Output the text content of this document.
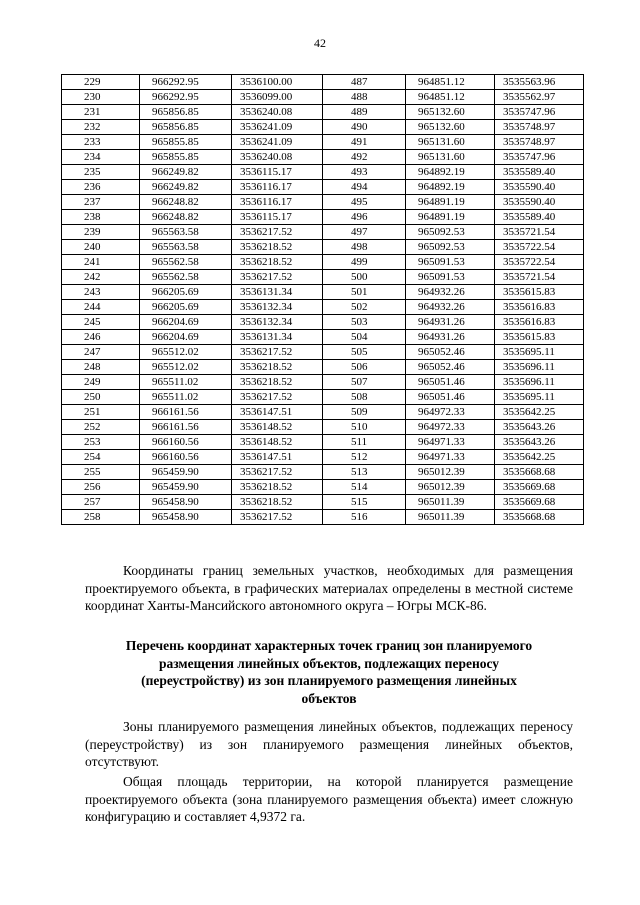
42
229	966292.95	3536100.00	487	964851.12	3535563.96
230	966292.95	3536099.00	488	964851.12	3535562.97
231	965856.85	3536240.08	489	965132.60	3535747.96
232	965856.85	3536241.09	490	965132.60	3535748.97
233	965855.85	3536241.09	491	965131.60	3535748.97
234	965855.85	3536240.08	492	965131.60	3535747.96
235	966249.82	3536115.17	493	964892.19	3535589.40
236	966249.82	3536116.17	494	964892.19	3535590.40
237	966248.82	3536116.17	495	964891.19	3535590.40
238	966248.82	3536115.17	496	964891.19	3535589.40
239	965563.58	3536217.52	497	965092.53	3535721.54
240	965563.58	3536218.52	498	965092.53	3535722.54
241	965562.58	3536218.52	499	965091.53	3535722.54
242	965562.58	3536217.52	500	965091.53	3535721.54
243	966205.69	3536131.34	501	964932.26	3535615.83
244	966205.69	3536132.34	502	964932.26	3535616.83
245	966204.69	3536132.34	503	964931.26	3535616.83
246	966204.69	3536131.34	504	964931.26	3535615.83
247	965512.02	3536217.52	505	965052.46	3535695.11
248	965512.02	3536218.52	506	965052.46	3535696.11
249	965511.02	3536218.52	507	965051.46	3535696.11
250	965511.02	3536217.52	508	965051.46	3535695.11
251	966161.56	3536147.51	509	964972.33	3535642.25
252	966161.56	3536148.52	510	964972.33	3535643.26
253	966160.56	3536148.52	511	964971.33	3535643.26
254	966160.56	3536147.51	512	964971.33	3535642.25
255	965459.90	3536217.52	513	965012.39	3535668.68
256	965459.90	3536218.52	514	965012.39	3535669.68
257	965458.90	3536218.52	515	965011.39	3535669.68
258	965458.90	3536217.52	516	965011.39	3535668.68
Координаты границ земельных участков, необходимых для размещения проектируемого объекта, в графических материалах определены в местной системе координат Ханты-Мансийского автономного округа – Югры МСК-86.
Перечень координат характерных точек границ зон планируемого размещения линейных объектов, подлежащих переносу (переустройству) из зон планируемого размещения линейных объектов
Зоны планируемого размещения линейных объектов, подлежащих переносу (переустройству) из зон планируемого размещения линейных объектов, отсутствуют.
Общая площадь территории, на которой планируется размещение проектируемого объекта (зона планируемого размещения объекта) имеет сложную конфигурацию и составляет 4,9372 га.
